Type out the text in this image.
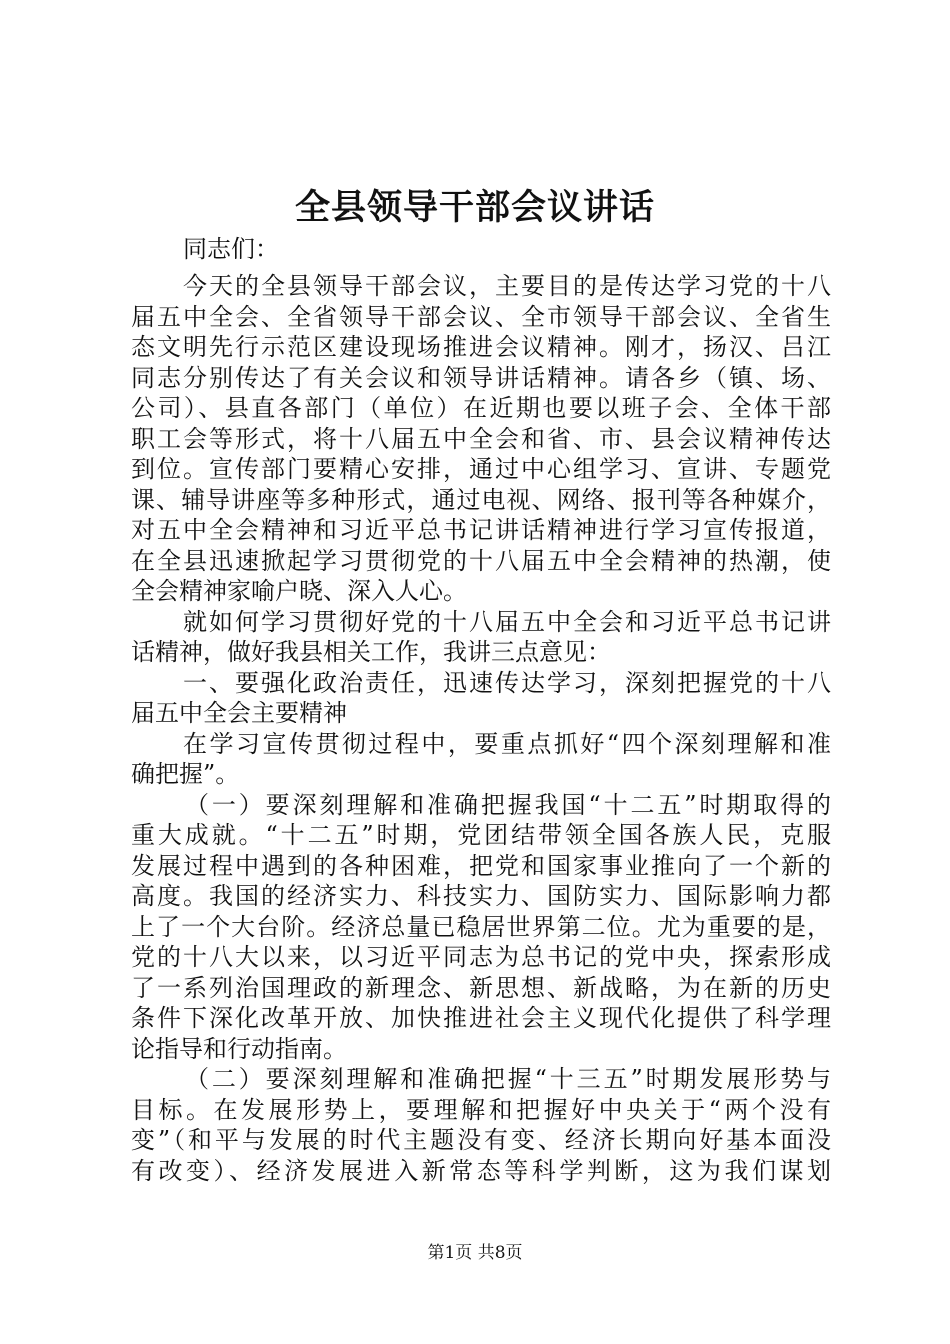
全县领导干部会议讲话
同志们：
今天的全县领导干部会议，主要目的是传达学习党的十八
届五中全会、全省领导干部会议、全市领导干部会议、全省生
态文明先行示范区建设现场推进会议精神。刚才，扬汉、吕江
同志分别传达了有关会议和领导讲话精神。请各乡（镇、场、
公司）、县直各部门（单位）在近期也要以班子会、全体干部
职工会等形式，将十八届五中全会和省、市、县会议精神传达
到位。宣传部门要精心安排，通过中心组学习、宣讲、专题党
课、辅导讲座等多种形式，通过电视、网络、报刊等各种媒介，
对五中全会精神和习近平总书记讲话精神进行学习宣传报道，
在全县迅速掀起学习贯彻党的十八届五中全会精神的热潮，使
全会精神家喻户晓、深入人心。
就如何学习贯彻好党的十八届五中全会和习近平总书记讲
话精神，做好我县相关工作，我讲三点意见：
一、要强化政治责任，迅速传达学习，深刻把握党的十八
届五中全会主要精神
在学习宣传贯彻过程中，要重点抓好“四个深刻理解和准
确把握”。
（一）要深刻理解和准确把握我国“十二五”时期取得的
重大成就。“十二五”时期，党团结带领全国各族人民，克服
发展过程中遇到的各种困难，把党和国家事业推向了一个新的
高度。我国的经济实力、科技实力、国防实力、国际影响力都
上了一个大台阶。经济总量已稳居世界第二位。尤为重要的是，
党的十八大以来，以习近平同志为总书记的党中央，探索形成
了一系列治国理政的新理念、新思想、新战略，为在新的历史
条件下深化改革开放、加快推进社会主义现代化提供了科学理
论指导和行动指南。
（二）要深刻理解和准确把握“十三五”时期发展形势与
目标。在发展形势上，要理解和把握好中央关于“两个没有
变”（和平与发展的时代主题没有变、经济长期向好基本面没
有改变）、经济发展进入新常态等科学判断，这为我们谋划
第1页 共8页
